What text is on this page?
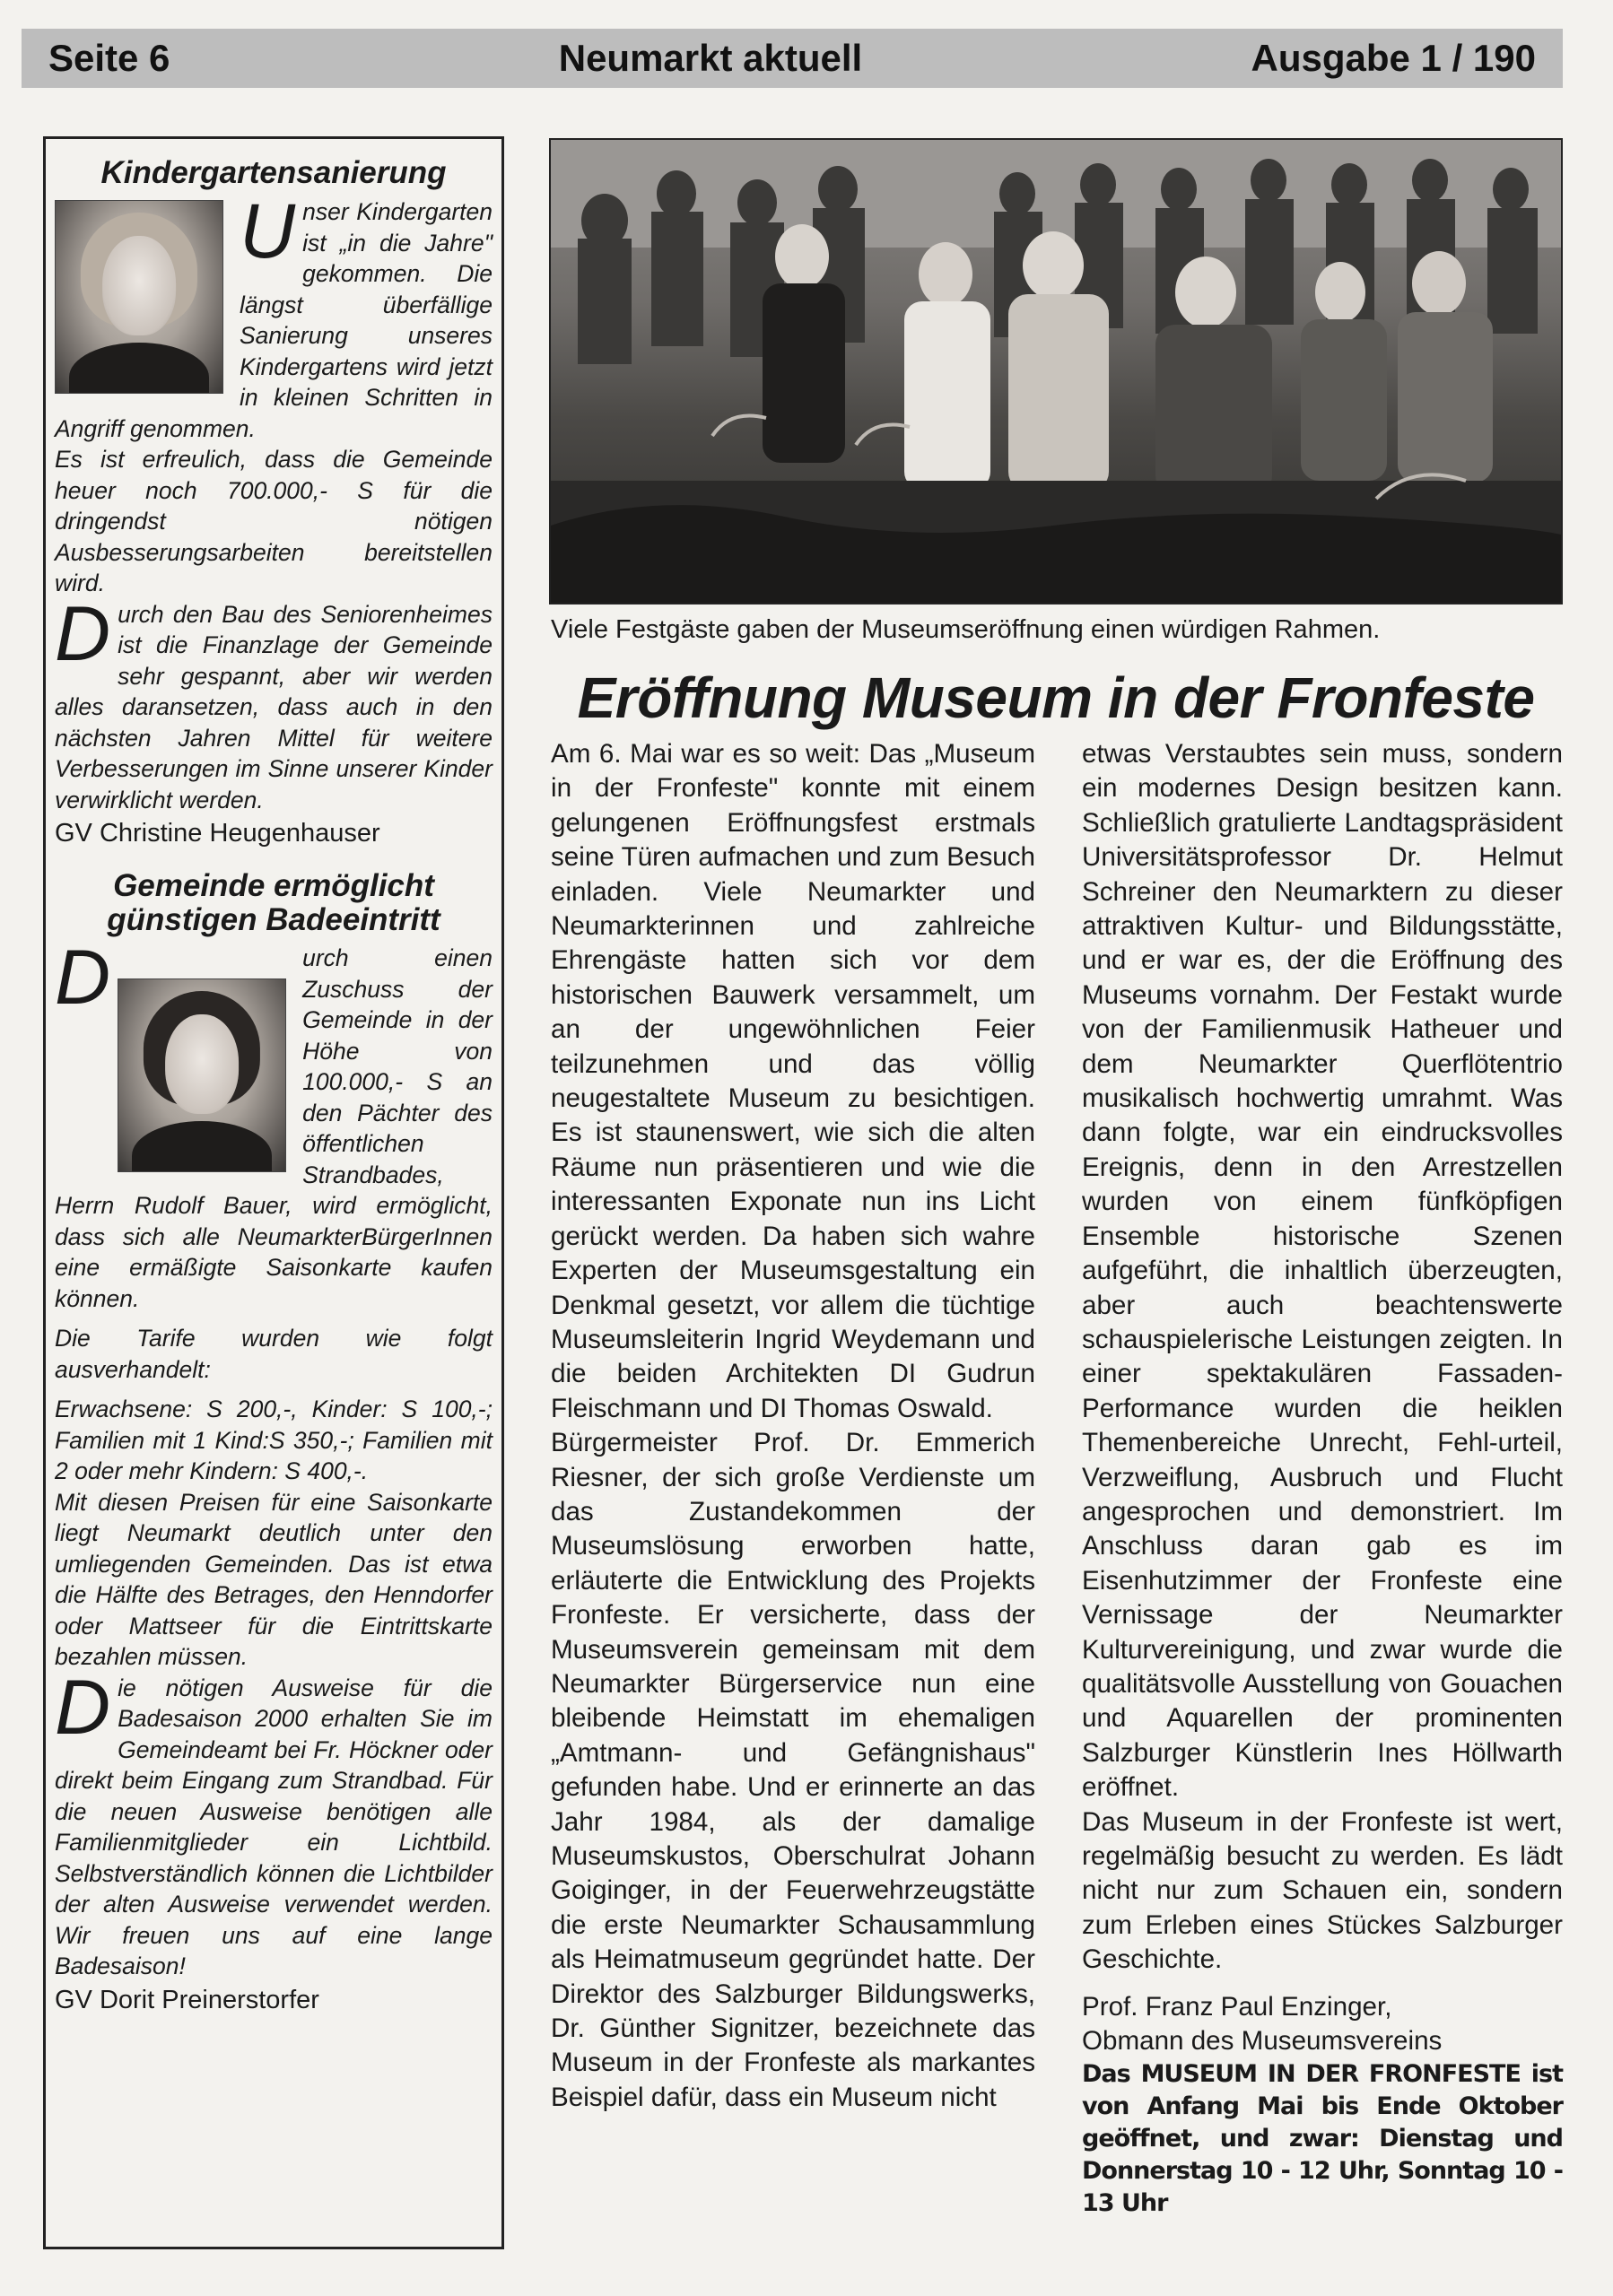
Seite 6	Neumarkt aktuell	Ausgabe 1 / 190
Kindergartensanierung

Unser Kindergarten ist „in die Jahre" gekommen. Die längst überfällige Sanierung unseres Kindergartens wird jetzt in kleinen Schritten in Angriff genommen.

Es ist erfreulich, dass die Gemeinde heuer noch 700.000,- S für die dringendst nötigen Ausbesserungsarbeiten bereitstellen wird.

Durch den Bau des Seniorenheimes ist die Finanzlage der Gemeinde sehr gespannt, aber wir werden alles daransetzen, dass auch in den nächsten Jahren Mittel für weitere Verbesserungen im Sinne unserer Kinder verwirklicht werden.

GV Christine Heugenhauser

Gemeinde ermöglicht günstigen Badeeintritt

D	urch einen Zuschuss der Gemeinde in der Höhe von 100.000,- S an den Pächter des öffentlichen Strandbades, Herrn Rudolf Bauer, wird ermöglicht, dass sich alle NeumarkterBürgerInnen eine ermäßigte Saisonkarte kaufen können.

Die Tarife wurden wie folgt ausverhandelt:

Erwachsene: S 200,-, Kinder: S 100,-; Familien mit 1 Kind:S 350,-; Familien mit 2 oder mehr Kindern: S 400,-.

Mit diesen Preisen für eine Saisonkarte liegt Neumarkt deutlich unter den umliegenden Gemeinden. Das ist etwa die Hälfte des Betrages, den Henndorfer oder Mattseer für die Eintrittskarte bezahlen müssen.

Die nötigen Ausweise für die Badesaison 2000 erhalten Sie im Gemeindeamt bei Fr. Höckner oder direkt beim Eingang zum Strandbad. Für die neuen Ausweise benötigen alle Familienmitglieder ein Lichtbild. Selbstverständlich können die Lichtbilder der alten Ausweise verwendet werden. Wir freuen uns auf eine lange Badesaison!

GV Dorit Preinerstorfer

Viele Festgäste gaben der Museumseröffnung einen würdigen Rahmen.
Eröffnung Museum in der Fronfeste

Am 6. Mai war es so weit: Das „Museum in der Fronfeste" konnte mit einem gelungenen Eröffnungsfest erstmals seine Türen aufmachen und zum Besuch einladen. Viele Neumarkter und Neumarkterinnen und zahlreiche Ehrengäste hatten sich vor dem historischen Bauwerk versammelt, um an der ungewöhnlichen Feier teilzunehmen und das völlig neugestaltete Museum zu besichtigen. Es ist staunenswert, wie sich die alten Räume nun präsentieren und wie die interessanten Exponate nun ins Licht gerückt werden. Da haben sich wahre Experten der Museumsgestaltung ein Denkmal gesetzt, vor allem die tüchtige Museumsleiterin Ingrid Weydemann und die beiden Architekten DI Gudrun Fleischmann und DI Thomas Oswald.

Bürgermeister Prof. Dr. Emmerich Riesner, der sich große Verdienste um das Zustandekommen der Museumslösung erworben hatte, erläuterte die Entwicklung des Projekts Fronfeste. Er versicherte, dass der Museumsverein gemeinsam mit dem Neumarkter Bürgerservice nun eine bleibende Heimstatt im ehemaligen „Amtmann- und Gefängnishaus" gefunden habe. Und er erinnerte an das Jahr 1984, als der damalige Museumskustos, Oberschulrat Johann Goiginger, in der Feuerwehrzeugstätte die erste Neumarkter Schausammlung als Heimatmuseum gegründet hatte. Der Direktor des Salzburger Bildungswerks, Dr. Günther Signitzer, bezeichnete das Museum in der Fronfeste als markantes Beispiel dafür, dass ein Museum nicht

etwas Verstaubtes sein muss, sondern ein modernes Design besitzen kann. Schließlich gratulierte Landtagspräsident Universitätsprofessor Dr. Helmut Schreiner den Neumarktern zu dieser attraktiven Kultur- und Bildungsstätte, und er war es, der die Eröffnung des Museums vornahm. Der Festakt wurde von der Familienmusik Hatheuer und dem Neumarkter Querflötentrio musikalisch hochwertig umrahmt. Was dann folgte, war ein eindrucksvolles Ereignis, denn in den Arrestzellen wurden von einem fünfköpfigen Ensemble historische Szenen aufgeführt, die inhaltlich überzeugten, aber auch beachtenswerte schauspielerische Leistungen zeigten. In einer spektakulären Fassaden-Performance wurden die heiklen Themenbereiche Unrecht, Fehl-urteil, Verzweiflung, Ausbruch und Flucht angesprochen und demonstriert. Im Anschluss daran gab es im Eisenhutzimmer der Fronfeste eine Vernissage der Neumarkter Kulturvereinigung, und zwar wurde die qualitätsvolle Ausstellung von Gouachen und Aquarellen der prominenten Salzburger Künstlerin Ines Höllwarth eröffnet.

Das Museum in der Fronfeste ist wert, regelmäßig besucht zu werden. Es lädt nicht nur zum Schauen ein, sondern zum Erleben eines Stückes Salzburger Geschichte.

Prof. Franz Paul Enzinger,

Obmann des Museumsvereins

Das MUSEUM IN DER FRONFESTE ist von Anfang Mai bis Ende Oktober geöffnet, und zwar: Dienstag und Donnerstag 10 - 12 Uhr, Sonntag 10 - 13 Uhr
